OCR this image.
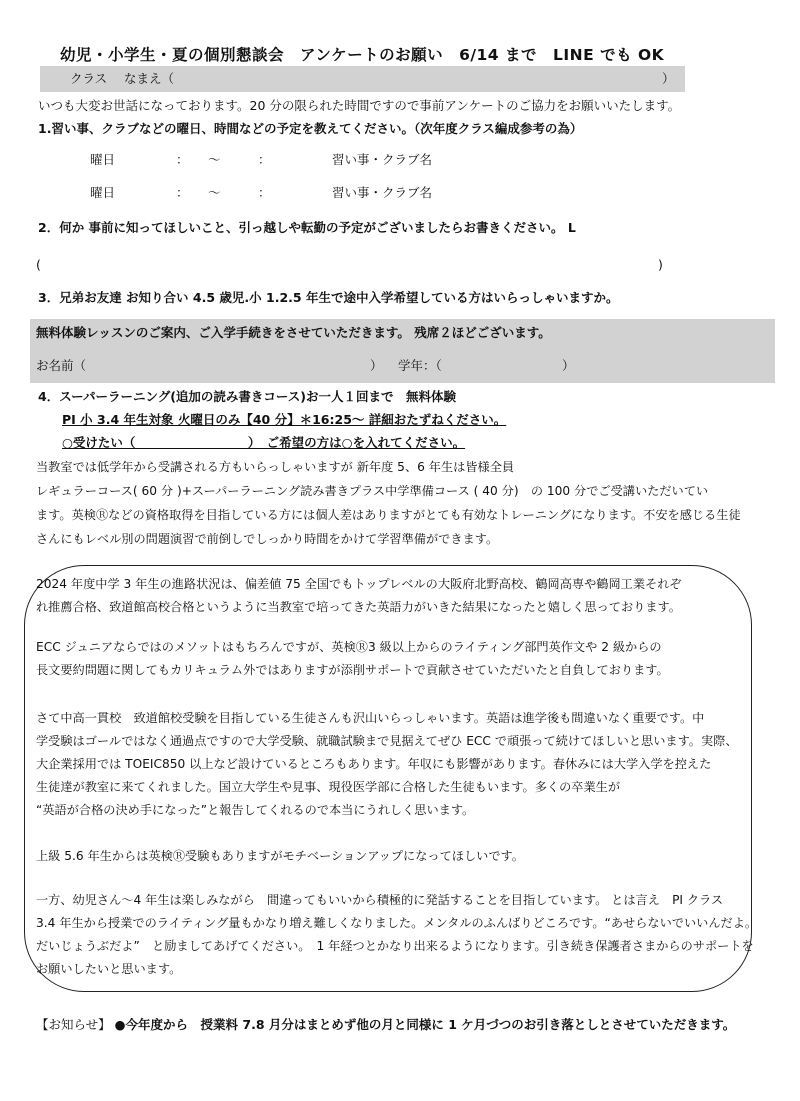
幼児・小学生・夏の個別懇談会　アンケートのお願い　6/14 まで　LINE でも OK
クラス なまえ（	）
いつも大変お世話になっております。20 分の限られた時間ですので事前アンケートのご協力をお願いいたします。
1.習い事、クラブなどの曜日、時間などの予定を教えてください。（次年度クラス編成参考の為）
曜日	： ～	：	習い事・クラブ名
曜日	： ～	：	習い事・クラブ名
2．何か 事前に知ってほしいこと、引っ越しや転勤の予定がございましたらお書きください。 L
(	)
3．兄弟お友達 お知り合い 4.5 歳児.小 1.2.5 年生で途中入学希望している方はいらっしゃいますか。
無料体験レッスンのご案内、ご入学手続きをさせていただきます。 残席２ほどございます。
お名前（	） 学年：（	）
4．スーパーラーニング(追加の読み書きコース)お一人１回まで　無料体験
PI 小 3.4 年生対象 火曜日のみ【40 分】＊16:25～ 詳細おたずねください。
○受けたい（　　　　　　　　　）　ご希望の方は○を入れてください。
当教室では低学年から受講される方もいらっしゃいますが 新年度 5、6 年生は皆様全員
レギュラーコース( 60 分 )+スーパーラーニング読み書きプラス中学準備コース ( 40 分)　の 100 分でご受講いただいてい
ます。英検Ⓡなどの資格取得を目指している方には個人差はありますがとても有効なトレーニングになります。不安を感じる生徒
さんにもレベル別の問題演習で前倒しでしっかり時間をかけて学習準備ができます。
2024 年度中学 3 年生の進路状況は、偏差値 75 全国でもトップレベルの大阪府北野高校、鶴岡高専や鶴岡工業それぞ
れ推薦合格、致道館高校合格というように当教室で培ってきた英語力がいきた結果になったと嬉しく思っております。
ECC ジュニアならではのメソットはもちろんですが、英検Ⓡ3 級以上からのライティング部門英作文や 2 級からの
長文要約問題に関してもカリキュラム外ではありますが添削サポートで貢献させていただいたと自負しております。
さて中高一貫校　致道館校受験を目指している生徒さんも沢山いらっしゃいます。英語は進学後も間違いなく重要です。中
学受験はゴールではなく通過点ですので大学受験、就職試験まで見据えてぜひ ECC で頑張って続けてほしいと思います。実際、
大企業採用では TOEIC850 以上など設けているところもあります。年収にも影響があります。春休みには大学入学を控えた
生徒達が教室に来てくれました。国立大学生や見事、現役医学部に合格した生徒もいます。多くの卒業生が
“英語が合格の決め手になった”と報告してくれるので本当にうれしく思います。
上級 5.6 年生からは英検Ⓡ受験もありますがモチベーションアップになってほしいです。
一方、幼児さん～4 年生は楽しみながら　間違ってもいいから積極的に発話することを目指しています。 とは言え　PI クラス
3.4 年生から授業でのライティング量もかなり増え難しくなりました。メンタルのふんばりどころです。“あせらないでいいんだよ。
だいじょうぶだよ”　と励ましてあげてください。　1 年経つとかなり出来るようになります。引き続き保護者さまからのサポートを
お願いしたいと思います。
【お知らせ】 ●今年度から　授業料 7.8 月分はまとめず他の月と同様に 1 ケ月づつのお引き落としとさせていただきます。
